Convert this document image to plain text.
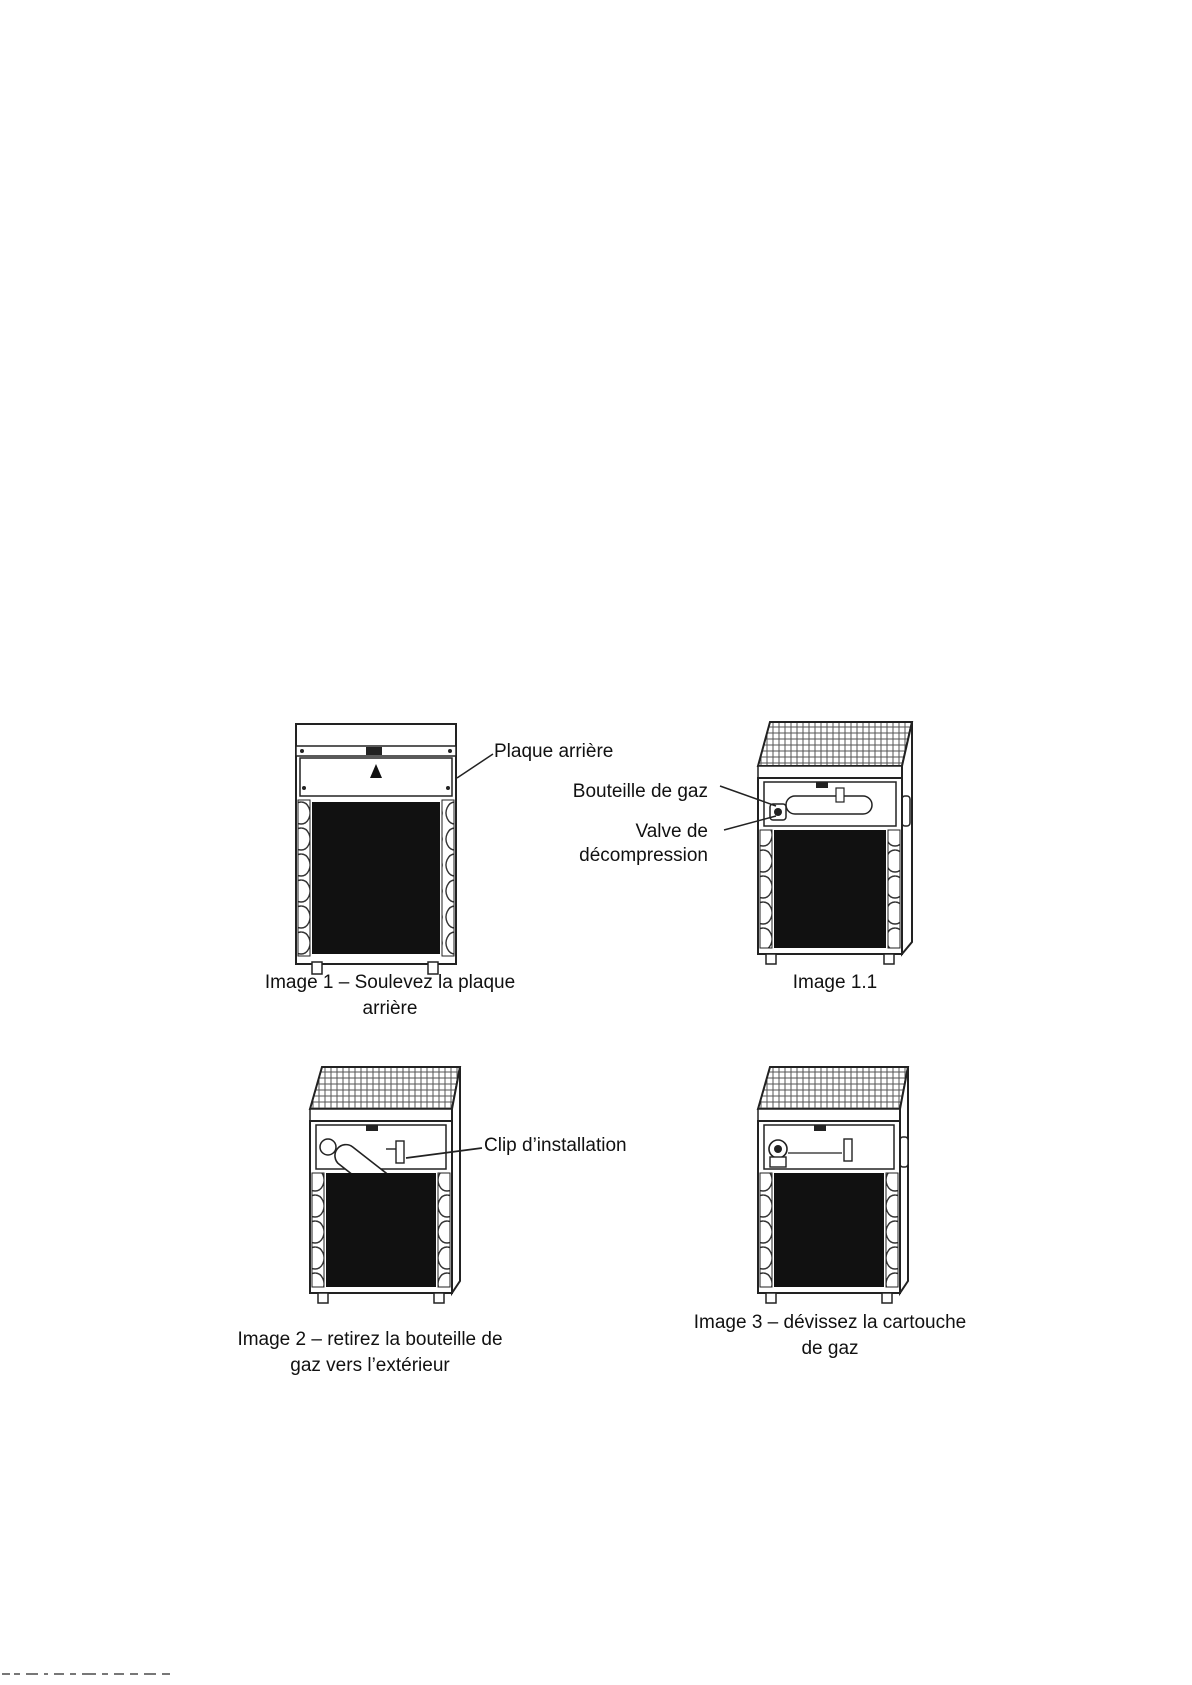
Plaque arrière
Image 1 – Soulevez la plaque
arrière
Bouteille de gaz
Valve de
décompression
Image 1.1
Clip d’installation
Image 2 – retirez la bouteille de
gaz vers l’extérieur
Image 3 – dévissez la cartouche
de gaz
